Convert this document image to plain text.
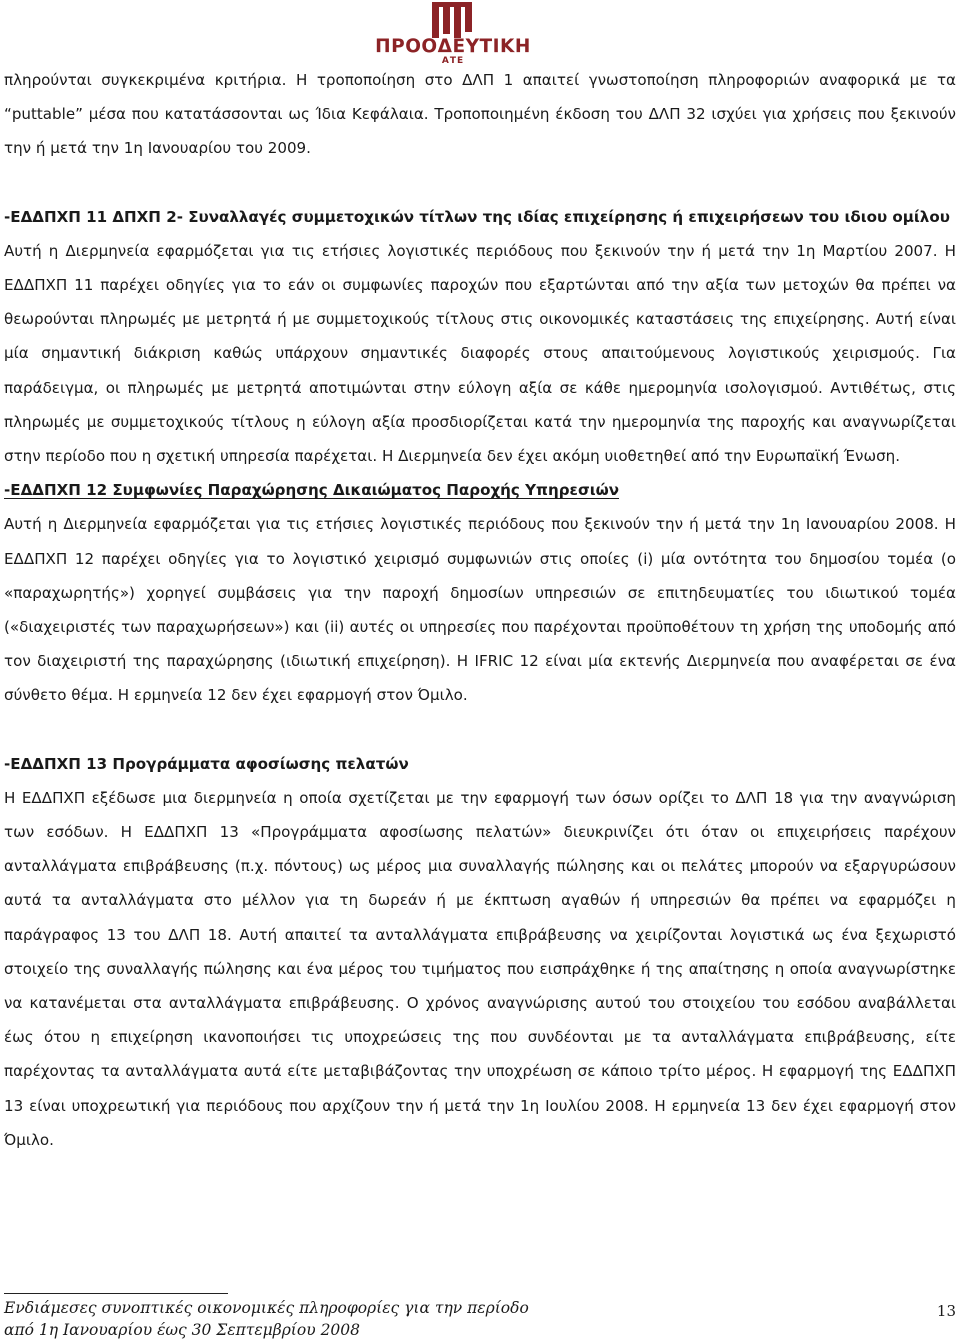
ΠΡΟΟΔΕΥΤΙΚΗ
ΑΤΕ

πληρούνται συγκεκριμένα κριτήρια. Η τροποποίηση στο ΔΛΠ 1 απαιτεί γνωστοποίηση πληροφοριών αναφορικά με τα “puttable” μέσα που κατατάσσονται ως Ίδια Κεφάλαια. Τροποποιημένη έκδοση του ΔΛΠ 32 ισχύει για χρήσεις που ξεκινούν την ή μετά την 1η Ιανουαρίου του 2009.

-ΕΔΔΠΧΠ 11 ΔΠΧΠ 2- Συναλλαγές συμμετοχικών τίτλων της ιδίας επιχείρησης ή επιχειρήσεων του ιδιου ομίλου

Αυτή η Διερμηνεία εφαρμόζεται για τις ετήσιες λογιστικές περιόδους που ξεκινούν την ή μετά την 1η Μαρτίου 2007. Η ΕΔΔΠΧΠ 11 παρέχει οδηγίες για το εάν οι συμφωνίες παροχών που εξαρτώνται από την αξία των μετοχών θα πρέπει να θεωρούνται πληρωμές με μετρητά ή με συμμετοχικούς τίτλους στις οικονομικές καταστάσεις της επιχείρησης. Αυτή είναι μία σημαντική διάκριση καθώς υπάρχουν σημαντικές διαφορές στους απαιτούμενους λογιστικούς χειρισμούς. Για παράδειγμα, οι πληρωμές με μετρητά αποτιμώνται στην εύλογη αξία σε κάθε ημερομηνία ισολογισμού. Αντιθέτως, στις πληρωμές με συμμετοχικούς τίτλους η εύλογη αξία προσδιορίζεται κατά την ημερομηνία της παροχής και αναγνωρίζεται στην περίοδο που η σχετική υπηρεσία παρέχεται. Η Διερμηνεία δεν έχει ακόμη υιοθετηθεί από την Ευρωπαϊκή Ένωση.

-ΕΔΔΠΧΠ 12 Συμφωνίες Παραχώρησης Δικαιώματος Παροχής Υπηρεσιών

Αυτή η Διερμηνεία εφαρμόζεται για τις ετήσιες λογιστικές περιόδους που ξεκινούν την ή μετά την 1η Ιανουαρίου 2008. Η ΕΔΔΠΧΠ 12 παρέχει οδηγίες για το λογιστικό χειρισμό συμφωνιών στις οποίες (i) μία οντότητα του δημοσίου τομέα (ο «παραχωρητής») χορηγεί συμβάσεις για την παροχή δημοσίων υπηρεσιών σε επιτηδευματίες του ιδιωτικού τομέα («διαχειριστές των παραχωρήσεων») και (ii) αυτές οι υπηρεσίες που παρέχονται προϋποθέτουν τη χρήση της υποδομής από τον διαχειριστή της παραχώρησης (ιδιωτική επιχείρηση). Η IFRIC 12 είναι μία εκτενής Διερμηνεία που αναφέρεται σε ένα σύνθετο θέμα. Η ερμηνεία 12 δεν έχει εφαρμογή στον Όμιλο.

-ΕΔΔΠΧΠ 13 Προγράμματα αφοσίωσης πελατών

Η ΕΔΔΠΧΠ εξέδωσε μια διερμηνεία η οποία σχετίζεται με την εφαρμογή των όσων ορίζει το ΔΛΠ 18 για την αναγνώριση των εσόδων. Η ΕΔΔΠΧΠ 13 «Προγράμματα αφοσίωσης πελατών» διευκρινίζει ότι όταν οι επιχειρήσεις παρέχουν ανταλλάγματα επιβράβευσης (π.χ. πόντους) ως μέρος μια συναλλαγής πώλησης και οι πελάτες μπορούν να εξαργυρώσουν αυτά τα ανταλλάγματα στο μέλλον για τη δωρεάν ή με έκπτωση αγαθών ή υπηρεσιών θα πρέπει να εφαρμόζει η παράγραφος 13 του ΔΛΠ 18. Αυτή απαιτεί τα ανταλλάγματα επιβράβευσης να χειρίζονται λογιστικά ως ένα ξεχωριστό στοιχείο της συναλλαγής πώλησης και ένα μέρος του τιμήματος που εισπράχθηκε ή της απαίτησης η οποία αναγνωρίστηκε να κατανέμεται στα ανταλλάγματα επιβράβευσης. Ο χρόνος αναγνώρισης αυτού του στοιχείου του εσόδου αναβάλλεται έως ότου η επιχείρηση ικανοποιήσει τις υποχρεώσεις της που συνδέονται με τα ανταλλάγματα επιβράβευσης, είτε παρέχοντας τα ανταλλάγματα αυτά είτε μεταβιβάζοντας την υποχρέωση σε κάποιο τρίτο μέρος. Η εφαρμογή της ΕΔΔΠΧΠ 13 είναι υποχρεωτική για περιόδους που αρχίζουν την ή μετά την 1η Ιουλίου 2008. Η ερμηνεία 13 δεν έχει εφαρμογή στον Όμιλο.

Ενδιάμεσες συνοπτικές οικονομικές πληροφορίες για την περίοδο
από 1η Ιανουαρίου έως 30 Σεπτεμβρίου 2008
13
